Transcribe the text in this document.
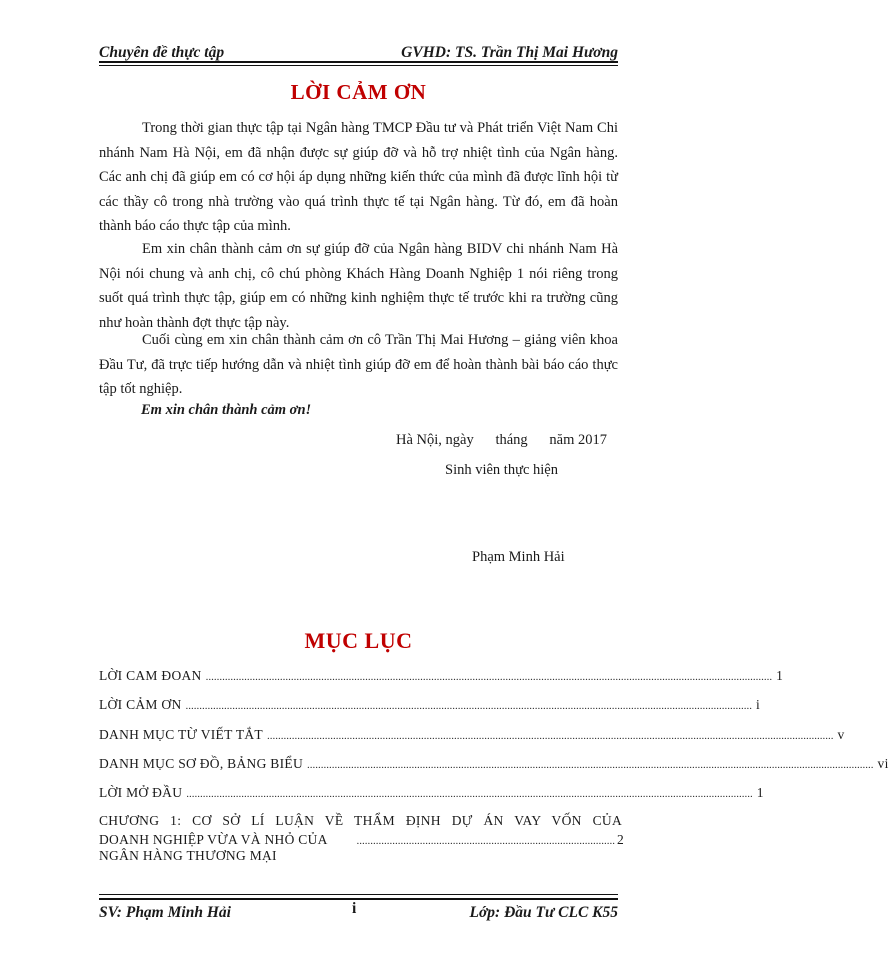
Chuyên đề thực tập	GVHD: TS. Trần Thị Mai Hương
LỜI CẢM ƠN
Trong thời gian thực tập tại Ngân hàng TMCP Đầu tư và Phát triển Việt Nam Chi nhánh Nam Hà Nội, em đã nhận được sự giúp đỡ và hỗ trợ nhiệt tình của Ngân hàng. Các anh chị đã giúp em có cơ hội áp dụng những kiến thức của mình đã được lĩnh hội từ các thầy cô trong nhà trường vào quá trình thực tế tại Ngân hàng. Từ đó, em đã hoàn thành báo cáo thực tập của mình.
Em xin chân thành cảm ơn sự giúp đỡ của Ngân hàng BIDV chi nhánh Nam Hà Nội nói chung và anh chị, cô chú phòng Khách Hàng Doanh Nghiệp 1 nói riêng trong suốt quá trình thực tập, giúp em có những kinh nghiệm thực tế trước khi ra trường cũng như hoàn thành đợt thực tập này.
Cuối cùng em xin chân thành cảm ơn cô Trần Thị Mai Hương – giảng viên khoa Đầu Tư, đã trực tiếp hướng dẫn và nhiệt tình giúp đỡ em để hoàn thành bài báo cáo thực tập tốt nghiệp.
Em xin chân thành cảm ơn!
Hà Nội, ngày      tháng      năm 2017
Sinh viên thực hiện
Phạm Minh Hải
MỤC LỤC
LỜI CAM ĐOAN .............................................................................................................................................................................................................. 1
LỜI CẢM ƠN .............................................................................................................................................................................................................. i
DANH MỤC TỪ VIẾT TẮT .............................................................................................................................................................................................................. v
DANH MỤC SƠ ĐỒ, BẢNG BIỂU .............................................................................................................................................................................................................. vi
LỜI MỞ ĐẦU .............................................................................................................................................................................................................. 1
CHƯƠNG 1: CƠ SỞ LÍ LUẬN VỀ THẨM ĐỊNH DỰ ÁN VAY VỐN CỦA
DOANH NGHIỆP VỪA VÀ NHỎ CỦA NGÂN HÀNG THƯƠNG MẠI
.............................................................................................. 2
SV: Phạm Minh Hải	i	Lớp: Đầu Tư CLC K55
